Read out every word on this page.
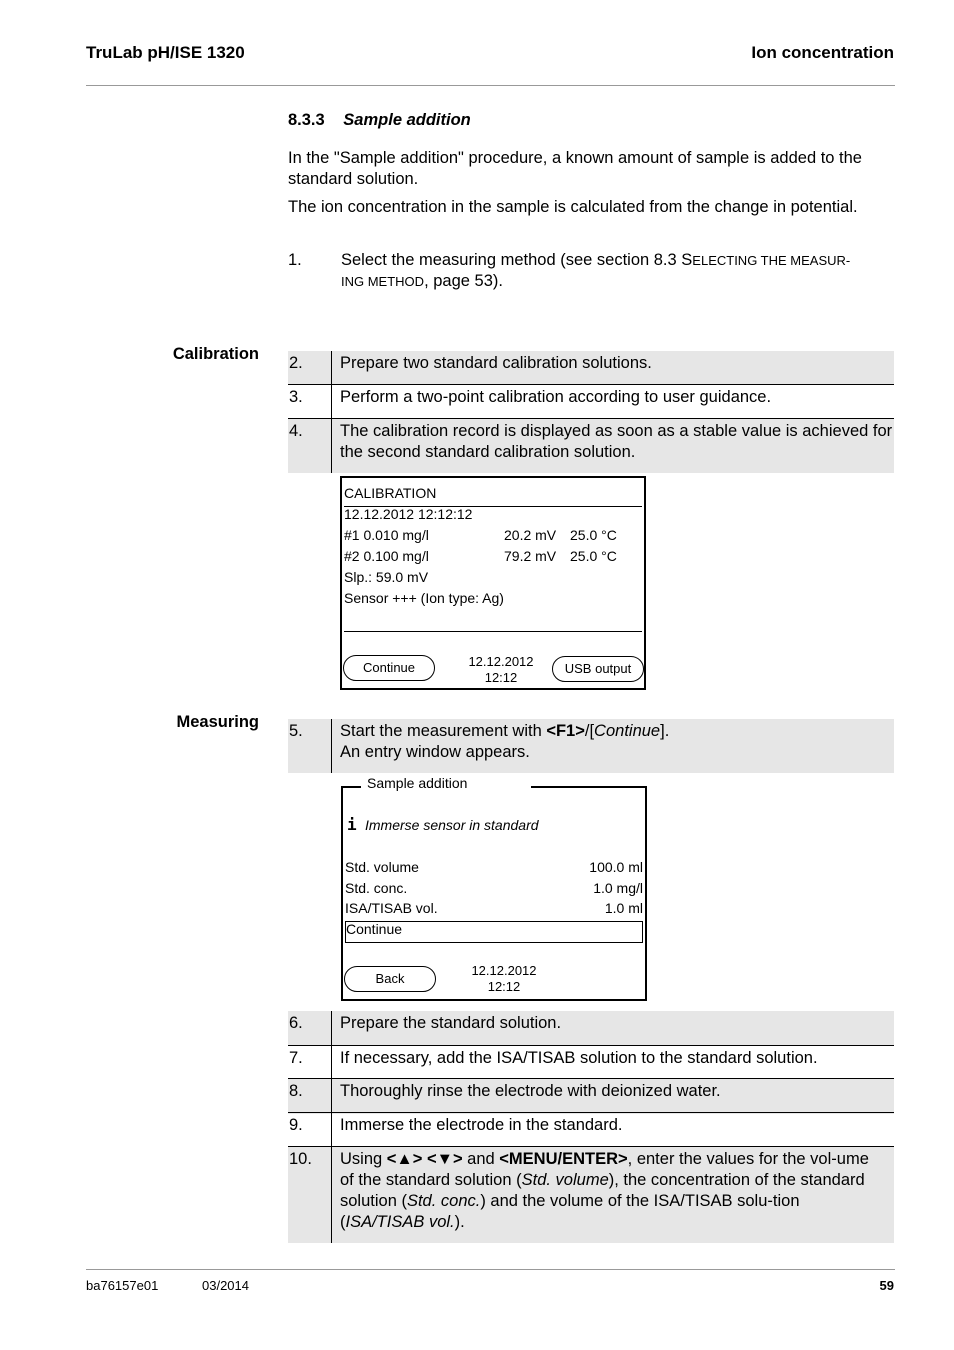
TruLab pH/ISE 1320	Ion concentration
8.3.3 Sample addition
In the "Sample addition" procedure, a known amount of sample is added to the standard solution.
The ion concentration in the sample is calculated from the change in potential.
1. Select the measuring method (see section 8.3 SELECTING THE MEASUR-
ING METHOD, page 53).
Calibration
Measuring
2.	Prepare two standard calibration solutions.
3.	Perform a two-point calibration according to user guidance.
4.	The calibration record is displayed as soon as a stable value is achieved for the second standard calibration solution.
CALIBRATION
12.12.2012 12:12:12
#1 0.010 mg/l	20.2 mV 25.0 °C
#2 0.100 mg/l	79.2 mV 25.0 °C
Slp.: 59.0 mV
Sensor +++ (Ion type: Ag)
Continue	12.12.2012
12:12
USB output
5.	Start the measurement with <F1>/[Continue].
An entry window appears.
Sample addition
i Immerse sensor in standard
Std. volume	100.0 ml
Std. conc.	1.0 mg/l
ISA/TISAB vol.	1.0 ml
Continue
Back
12.12.2012
12:12
6.	Prepare the standard solution.
7.	If necessary, add the ISA/TISAB solution to the standard solution.
8.	Thoroughly rinse the electrode with deionized water.
9.	Immerse the electrode in the standard.
10.	Using <▲> <▼> and <MENU/ENTER>, enter the values for the vol-ume of the standard solution (Std. volume), the concentration of the standard solution (Std. conc.) and the volume of the ISA/TISAB solu-tion (ISA/TISAB vol.).
ba76157e01	03/2014	59
